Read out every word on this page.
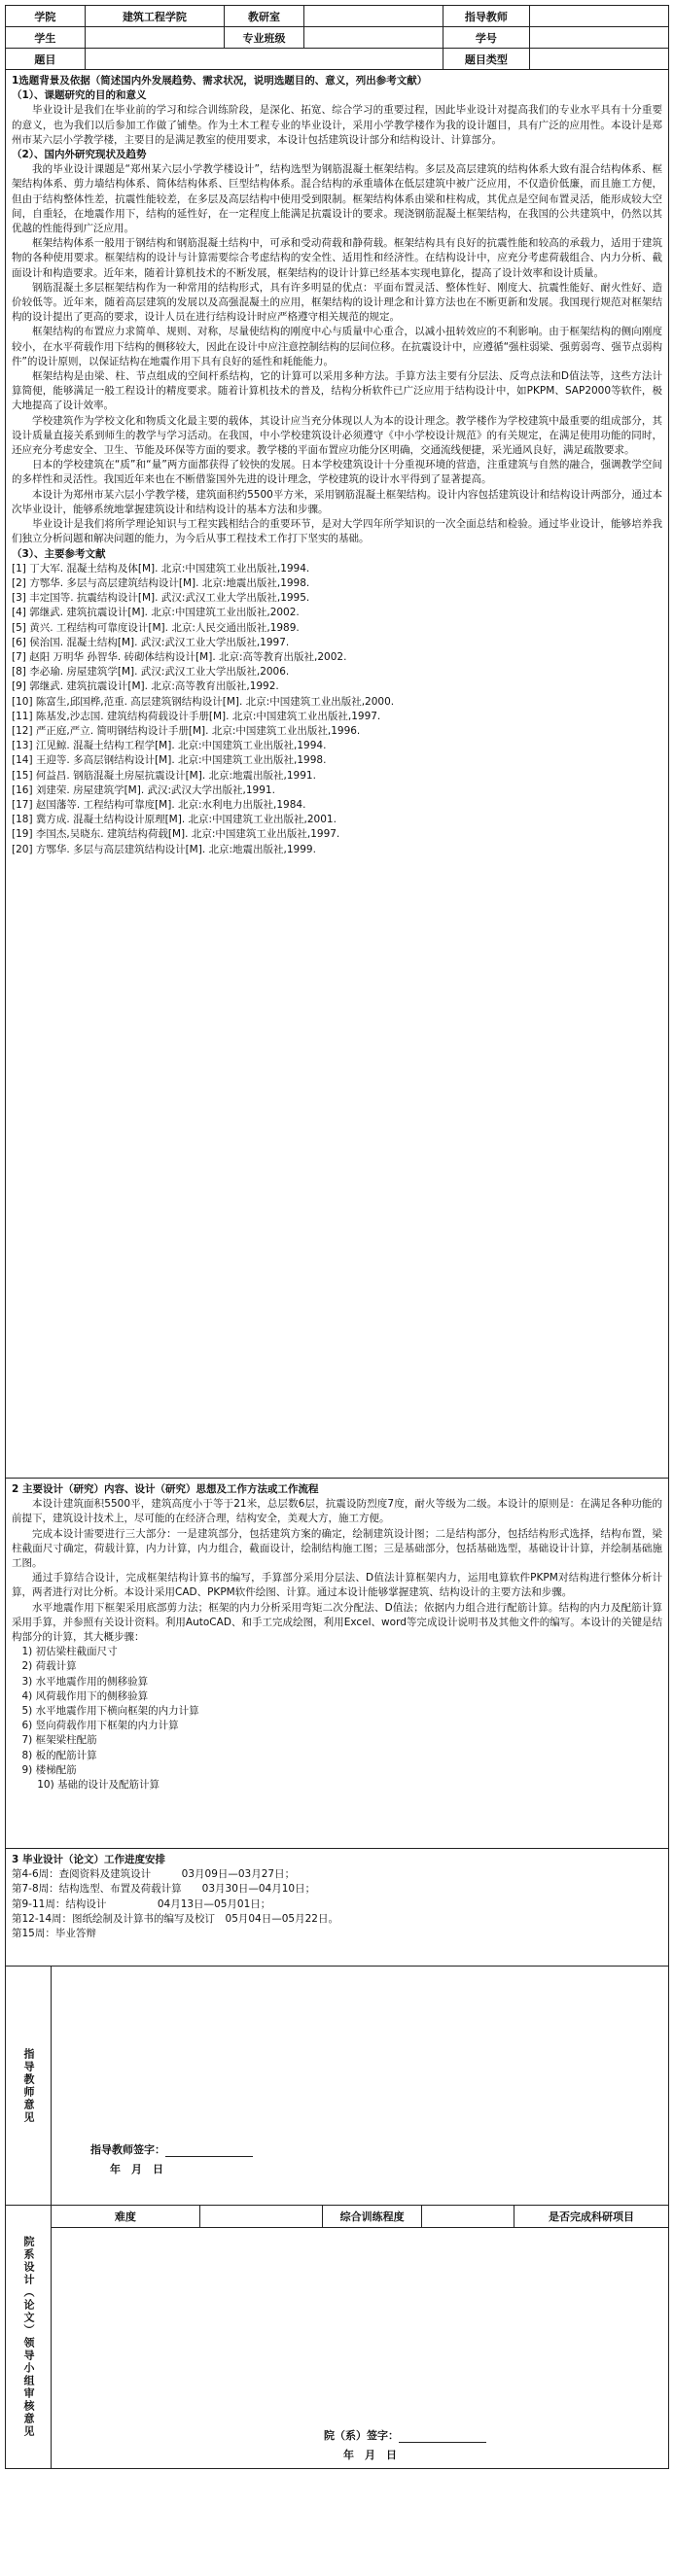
学院	建筑工程学院	教研室		指导教师	
学生		专业班级		学号	
题目				题目类型	
1选题背景及依据（简述国内外发展趋势、需求状况，说明选题目的、意义，列出参考文献）
（1）、课题研究的目的和意义

毕业设计是我们在毕业前的学习和综合训练阶段，是深化、拓宽、综合学习的重要过程，因此毕业设计对提高我们的专业水平具有十分重要的意义，也为我们以后参加工作做了铺垫。作为土木工程专业的毕业设计，采用小学教学楼作为我的设计题目，具有广泛的应用性。本设计是郑州市某六层小学教学楼，主要目的是满足教室的使用要求，本设计包括建筑设计部分和结构设计、计算部分。

（2）、国内外研究现状及趋势

我的毕业设计课题是“郑州某六层小学教学楼设计”，结构选型为钢筋混凝土框架结构。多层及高层建筑的结构体系大致有混合结构体系、框架结构体系、剪力墙结构体系、简体结构体系、巨型结构体系。混合结构的承重墙体在低层建筑中被广泛应用，不仅造价低廉，而且施工方便，但由于结构整体性差，抗震性能较差，在多层及高层结构中使用受到限制。框架结构体系由梁和柱构成，其优点是空间布置灵活，能形成较大空间，自重轻，在地震作用下，结构的延性好，在一定程度上能满足抗震设计的要求。现浇钢筋混凝土框架结构，在我国的公共建筑中，仍然以其优越的性能得到广泛应用。

框架结构体系一般用于钢结构和钢筋混凝土结构中，可承和受动荷载和静荷载。框架结构具有良好的抗震性能和较高的承载力，适用于建筑物的各种使用要求。框架结构的设计与计算需要综合考虑结构的安全性、适用性和经济性。在结构设计中，应充分考虑荷载组合、内力分析、截面设计和构造要求。近年来，随着计算机技术的不断发展，框架结构的设计计算已经基本实现电算化，提高了设计效率和设计质量。

钢筋混凝土多层框架结构作为一种常用的结构形式，具有许多明显的优点：平面布置灵活、整体性好、刚度大、抗震性能好、耐火性好、造价较低等。近年来，随着高层建筑的发展以及高强混凝土的应用，框架结构的设计理念和计算方法也在不断更新和发展。我国现行规范对框架结构的设计提出了更高的要求，设计人员在进行结构设计时应严格遵守相关规范的规定。

框架结构的布置应力求简单、规则、对称，尽量使结构的刚度中心与质量中心重合，以减小扭转效应的不利影响。由于框架结构的侧向刚度较小，在水平荷载作用下结构的侧移较大，因此在设计中应注意控制结构的层间位移。在抗震设计中，应遵循“强柱弱梁、强剪弱弯、强节点弱构件”的设计原则，以保证结构在地震作用下具有良好的延性和耗能能力。

框架结构是由梁、柱、节点组成的空间杆系结构，它的计算可以采用多种方法。手算方法主要有分层法、反弯点法和D值法等，这些方法计算简便，能够满足一般工程设计的精度要求。随着计算机技术的普及，结构分析软件已广泛应用于结构设计中，如PKPM、SAP2000等软件，极大地提高了设计效率。

学校建筑作为学校文化和物质文化最主要的载体，其设计应当充分体现以人为本的设计理念。教学楼作为学校建筑中最重要的组成部分，其设计质量直接关系到师生的教学与学习活动。在我国，中小学校建筑设计必须遵守《中小学校设计规范》的有关规定，在满足使用功能的同时，还应充分考虑安全、卫生、节能及环保等方面的要求。教学楼的平面布置应功能分区明确，交通流线便捷，采光通风良好，满足疏散要求。

日本的学校建筑在“质”和“量”两方面都获得了较快的发展。日本学校建筑设计十分重视环境的营造，注重建筑与自然的融合，强调教学空间的多样性和灵活性。我国近年来也在不断借鉴国外先进的设计理念，学校建筑的设计水平得到了显著提高。

本设计为郑州市某六层小学教学楼，建筑面积约5500平方米，采用钢筋混凝土框架结构。设计内容包括建筑设计和结构设计两部分，通过本次毕业设计，能够系统地掌握建筑设计和结构设计的基本方法和步骤。

毕业设计是我们将所学理论知识与工程实践相结合的重要环节，是对大学四年所学知识的一次全面总结和检验。通过毕业设计，能够培养我们独立分析问题和解决问题的能力，为今后从事工程技术工作打下坚实的基础。

（3）、主要参考文献

[1] 丁大军. 混凝土结构及体[M]. 北京:中国建筑工业出版社,1994.

[2] 方鄂华. 多层与高层建筑结构设计[M]. 北京:地震出版社,1998.

[3] 丰定国等. 抗震结构设计[M]. 武汉:武汉工业大学出版社,1995.

[4] 郭继武. 建筑抗震设计[M]. 北京:中国建筑工业出版社,2002.

[5] 黄兴. 工程结构可靠度设计[M]. 北京:人民交通出版社,1989.

[6] 侯治国. 混凝土结构[M]. 武汉:武汉工业大学出版社,1997.

[7] 赵阳 万明华 孙智华. 砖砌体结构设计[M]. 北京:高等教育出版社,2002.

[8] 李必瑜. 房屋建筑学[M]. 武汉:武汉工业大学出版社,2006.

[9] 郭继武. 建筑抗震设计[M]. 北京:高等教育出版社,1992.

[10] 陈富生,邱国桦,范重. 高层建筑钢结构设计[M]. 北京:中国建筑工业出版社,2000.

[11] 陈基发,沙志国. 建筑结构荷载设计手册[M]. 北京:中国建筑工业出版社,1997.

[12] 严正庭,严立. 简明钢结构设计手册[M]. 北京:中国建筑工业出版社,1996.

[13] 江见鲸. 混凝土结构工程学[M]. 北京:中国建筑工业出版社,1994.

[14] 王迎等. 多高层钢结构设计[M]. 北京:中国建筑工业出版社,1998.

[15] 何益昌. 钢筋混凝土房屋抗震设计[M]. 北京:地震出版社,1991.

[16] 刘建荣. 房屋建筑学[M]. 武汉:武汉大学出版社,1991.

[17] 赵国藩等. 工程结构可靠度[M]. 北京:水利电力出版社,1984.

[18] 冀方成. 混凝土结构设计原理[M]. 北京:中国建筑工业出版社,2001.

[19] 李国杰,吴晓东. 建筑结构荷载[M]. 北京:中国建筑工业出版社,1997.

[20] 方鄂华. 多层与高层建筑结构设计[M]. 北京:地震出版社,1999.

2 主要设计（研究）内容、设计（研究）思想及工作方法或工作流程

本设计建筑面积5500平，建筑高度小于等于21米，总层数6层，抗震设防烈度7度，耐火等级为二级。本设计的原则是：在满足各种功能的前提下，建筑设计技术上，尽可能的在经济合理，结构安全，美观大方，施工方便。

完成本设计需要进行三大部分：一是建筑部分，包括建筑方案的确定，绘制建筑设计图；二是结构部分，包括结构形式选择，结构布置，梁柱截面尺寸确定，荷载计算，内力计算，内力组合，截面设计，绘制结构施工图；三是基础部分，包括基础选型，基础设计计算，并绘制基础施工图。

通过手算结合设计，完成框架结构计算书的编写，手算部分采用分层法、D值法计算框架内力，运用电算软件PKPM对结构进行整体分析计算，两者进行对比分析。本设计采用CAD、PKPM软件绘图、计算。通过本设计能够掌握建筑、结构设计的主要方法和步骤。

水平地震作用下框架采用底部剪力法；框架的内力分析采用弯矩二次分配法、D值法；依据内力组合进行配筋计算。结构的内力及配筋计算采用手算，并参照有关设计资料。利用AutoCAD、和手工完成绘图，利用Excel、word等完成设计说明书及其他文件的编写。本设计的关键是结构部分的计算，其大概步骤：

1) 初估梁柱截面尺寸

2) 荷载计算

3) 水平地震作用的侧移验算

4) 风荷载作用下的侧移验算

5) 水平地震作用下横向框架的内力计算

6) 竖向荷载作用下框架的内力计算

7) 框架梁柱配筋

8) 板的配筋计算

9) 楼梯配筋

10) 基础的设计及配筋计算

3 毕业设计（论文）工作进度安排

第4-6周：查阅资料及建筑设计　　　03月09日—03月27日；

第7-8周：结构选型、布置及荷载计算　　03月30日—04月10日；

第9-11周：结构设计　　　　　04月13日—05月01日；

第12-14周：图纸绘制及计算书的编写及校订　05月04日—05月22日。

第15周：毕业答辩

指导教师意见
指导教师签字：
年　月　日
院系设计（论文）领导小组审核意见
难度		综合训练程度		是否完成科研项目
院（系）签字：
年　月　日
